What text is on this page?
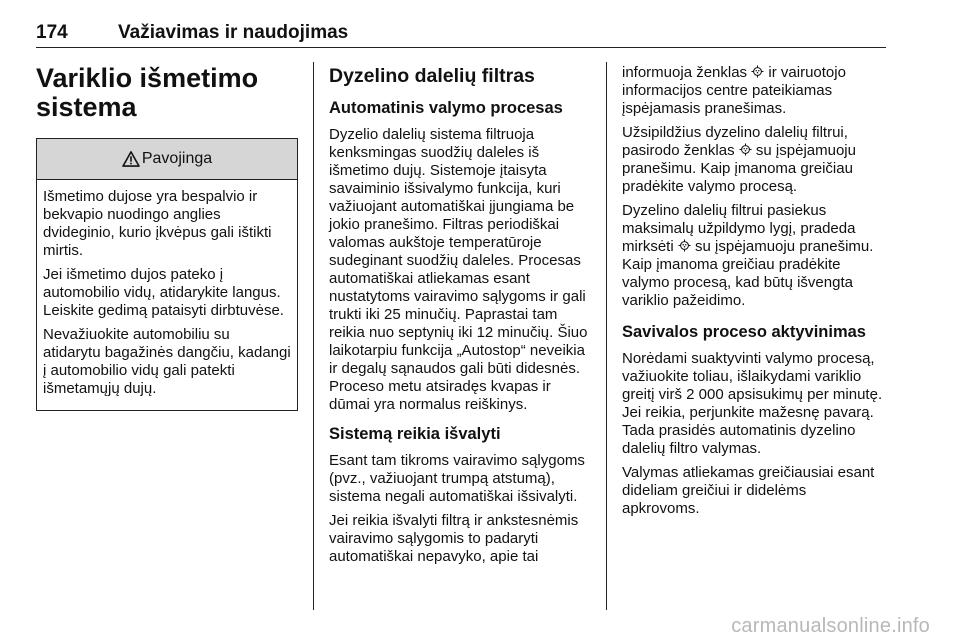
174	Važiavimas ir naudojimas
Variklio išmetimo sistema
Pavojinga

Išmetimo dujose yra bespalvio ir bekvapio nuodingo anglies dvideginio, kurio įkvėpus gali ištikti mirtis.

Jei išmetimo dujos pateko į automobilio vidų, atidarykite langus. Leiskite gedimą pataisyti dirbtuvėse.

Nevažiuokite automobiliu su atidarytu bagažinės dangčiu, kadangi į automobilio vidų gali patekti išmetamųjų dujų.

Dyzelino dalelių filtras
Automatinis valymo procesas

Dyzelio dalelių sistema filtruoja kenksmingas suodžių daleles iš išmetimo dujų. Sistemoje įtaisyta savaiminio išsivalymo funkcija, kuri važiuojant automatiškai įjungiama be jokio pranešimo. Filtras periodiškai valomas aukštoje temperatūroje sudeginant suodžių daleles. Procesas automatiškai atliekamas esant nustatytoms vairavimo sąlygoms ir gali trukti iki 25 minučių. Paprastai tam reikia nuo septynių iki 12 minučių. Šiuo laikotarpiu funkcija „Autostop“ neveikia ir degalų sąnaudos gali būti didesnės. Proceso metu atsiradęs kvapas ir dūmai yra normalus reiškinys.

Sistemą reikia išvalyti

Esant tam tikroms vairavimo sąlygoms (pvz., važiuojant trumpą atstumą), sistema negali automatiškai išsivalyti.

Jei reikia išvalyti filtrą ir ankstesnėmis vairavimo sąlygomis to padaryti automatiškai nepavyko, apie tai

informuoja ženklas ir vairuotojo informacijos centre pateikiamas įspėjamasis pranešimas.

Užsipildžius dyzelino dalelių filtrui, pasirodo ženklas su įspėjamuoju pranešimu. Kaip įmanoma greičiau pradėkite valymo procesą.

Dyzelino dalelių filtrui pasiekus maksimalų užpildymo lygį, pradeda mirksėti su įspėjamuoju pranešimu. Kaip įmanoma greičiau pradėkite valymo procesą, kad būtų išvengta variklio pažeidimo.

Savivalos proceso aktyvinimas

Norėdami suaktyvinti valymo procesą, važiuokite toliau, išlaikydami variklio greitį virš 2 000 apsisukimų per minutę. Jei reikia, perjunkite mažesnę pavarą. Tada prasidės automatinis dyzelino dalelių filtro valymas.

Valymas atliekamas greičiausiai esant dideliam greičiui ir didelėms apkrovoms.

carmanualsonline.info
